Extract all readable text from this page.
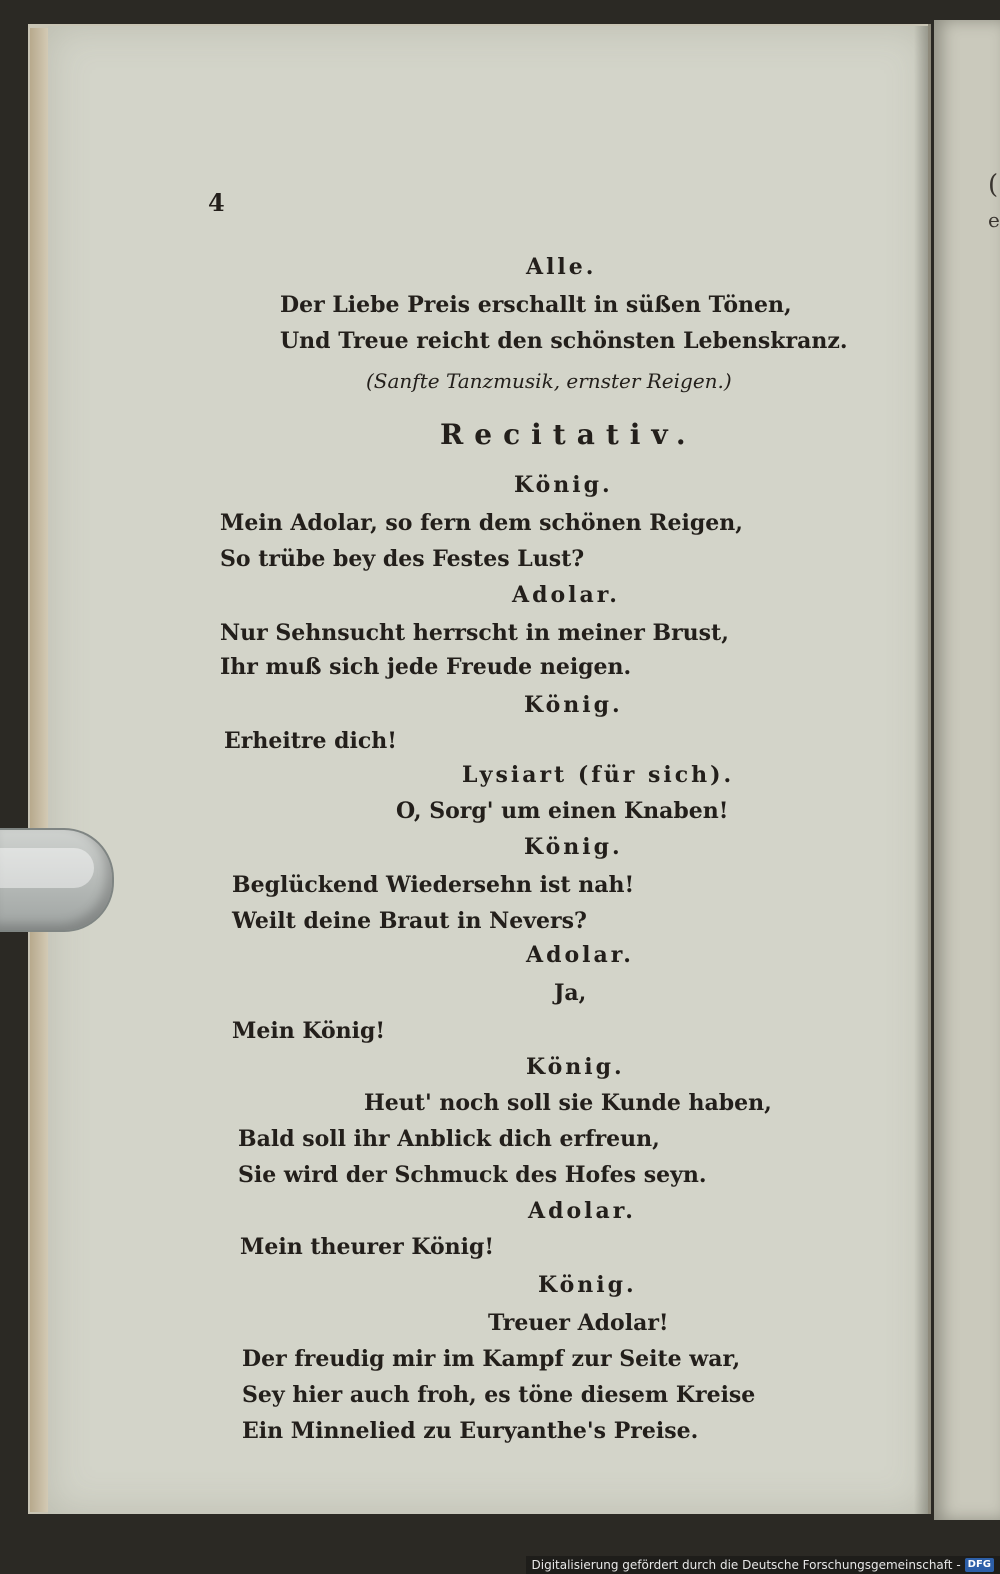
4

Alle.

Der Liebe Preis erschallt in süßen Tönen,

Und Treue reicht den schönsten Lebenskranz.

(Sanfte Tanzmusik, ernster Reigen.)

Recitativ.

König.

Mein Adolar, so fern dem schönen Reigen,

So trübe bey des Festes Lust?

Adolar.

Nur Sehnsucht herrscht in meiner Brust,

Ihr muß sich jede Freude neigen.

König.

Erheitre dich!

Lysiart (für sich).

O, Sorg' um einen Knaben!

König.

Beglückend Wiedersehn ist nah!

Weilt deine Braut in Nevers?

Adolar.

Ja,

Mein König!

König.

Heut' noch soll sie Kunde haben,

Bald soll ihr Anblick dich erfreun,

Sie wird der Schmuck des Hofes seyn.

Adolar.

Mein theurer König!

König.

Treuer Adolar!

Der freudig mir im Kampf zur Seite war,

Sey hier auch froh, es töne diesem Kreise

Ein Minnelied zu Euryanthe's Preise.

(
e
Digitalisierung gefördert durch die Deutsche Forschungsgemeinschaft - DFG
